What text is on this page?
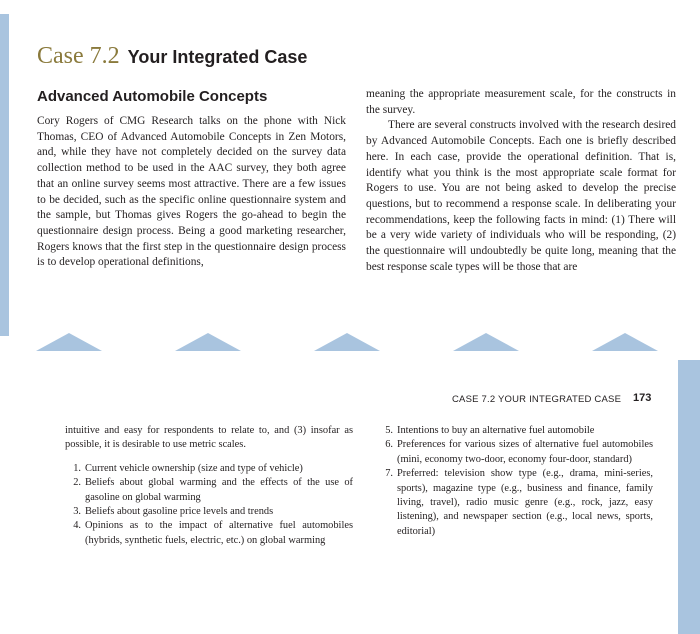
Case 7.2 Your Integrated Case
Advanced Automobile Concepts

Cory Rogers of CMG Research talks on the phone with Nick Thomas, CEO of Advanced Automobile Concepts in Zen Motors, and, while they have not completely decided on the survey data collection method to be used in the AAC survey, they both agree that an online survey seems most attractive. There are a few issues to be decided, such as the specific online questionnaire system and the sample, but Thomas gives Rogers the go-ahead to begin the questionnaire design process. Being a good marketing researcher, Rogers knows that the first step in the questionnaire design process is to develop operational definitions,

meaning the appropriate measurement scale, for the constructs in the survey.

There are several constructs involved with the research desired by Advanced Automobile Concepts. Each one is briefly described here. In each case, provide the operational definition. That is, identify what you think is the most appropriate scale format for Rogers to use. You are not being asked to develop the precise questions, but to recommend a response scale. In deliberating your recommendations, keep the following facts in mind: (1) There will be a very wide variety of individuals who will be responding, (2) the questionnaire will undoubtedly be quite long, meaning that the best response scale types will be those that are

CASE 7.2 YOUR INTEGRATED CASE 173

intuitive and easy for respondents to relate to, and (3) insofar as possible, it is desirable to use metric scales.

1. Current vehicle ownership (size and type of vehicle)
2. Beliefs about global warming and the effects of the use of gasoline on global warming
3. Beliefs about gasoline price levels and trends
4. Opinions as to the impact of alternative fuel automobiles (hybrids, synthetic fuels, electric, etc.) on global warming
5. Intentions to buy an alternative fuel automobile
6. Preferences for various sizes of alternative fuel automobiles (mini, economy two-door, economy four-door, standard)
7. Preferred: television show type (e.g., drama, mini-series, sports), magazine type (e.g., business and finance, family living, travel), radio music genre (e.g., rock, jazz, easy listening), and newspaper section (e.g., local news, sports, editorial)
